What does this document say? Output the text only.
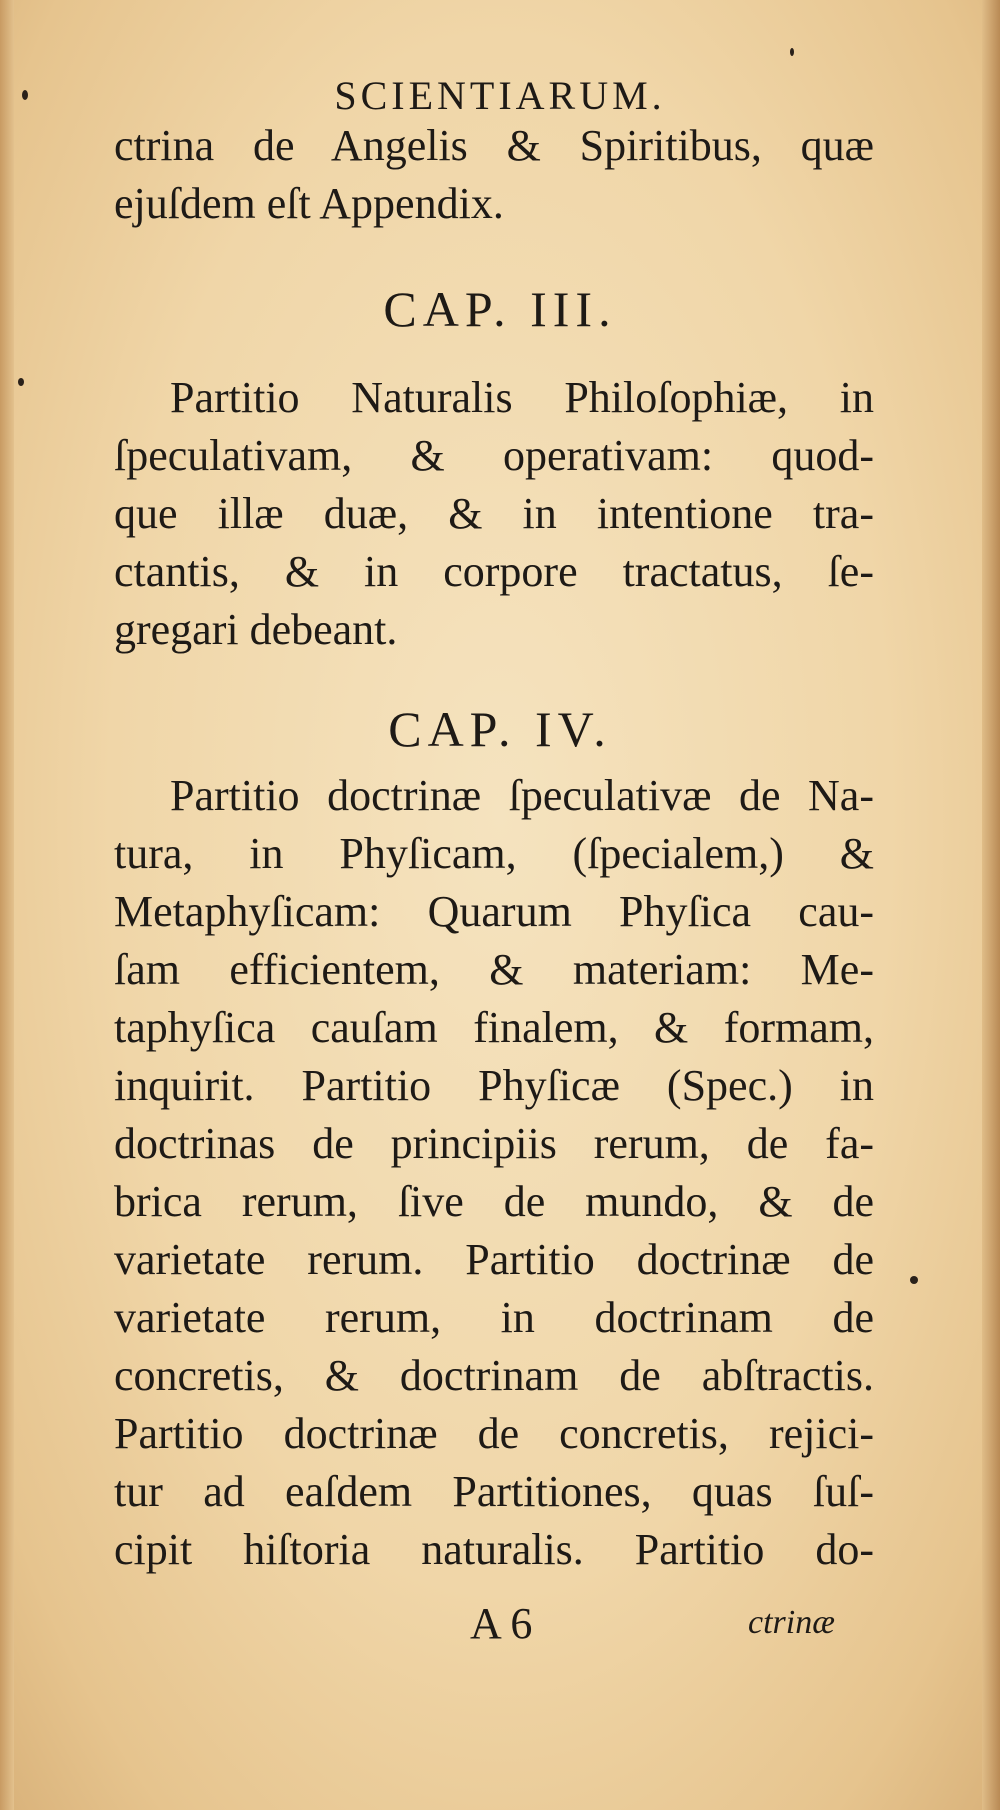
SCIENTIARUM.
ctrina de Angelis & Spiritibus, quæ
ejuſdem eſt Appendix.
CAP. III.
Partitio Naturalis Philoſophiæ, in
ſpeculativam, & operativam: quod-
que illæ duæ, & in intentione tra-
ctantis, & in corpore tractatus, ſe-
gregari debeant.
CAP. IV.
Partitio doctrinæ ſpeculativæ de Na-
tura, in Phyſicam, (ſpecialem,) &
Metaphyſicam: Quarum Phyſica cau-
ſam efficientem, & materiam: Me-
taphyſica cauſam finalem, & formam,
inquirit. Partitio Phyſicæ (Spec.) in
doctrinas de principiis rerum, de fa-
brica rerum, ſive de mundo, & de
varietate rerum. Partitio doctrinæ de
varietate rerum, in doctrinam de
concretis, & doctrinam de abſtractis.
Partitio doctrinæ de concretis, rejici-
tur ad eaſdem Partitiones, quas ſuſ-
cipit hiſtoria naturalis. Partitio do-
A 6	ctrinæ
